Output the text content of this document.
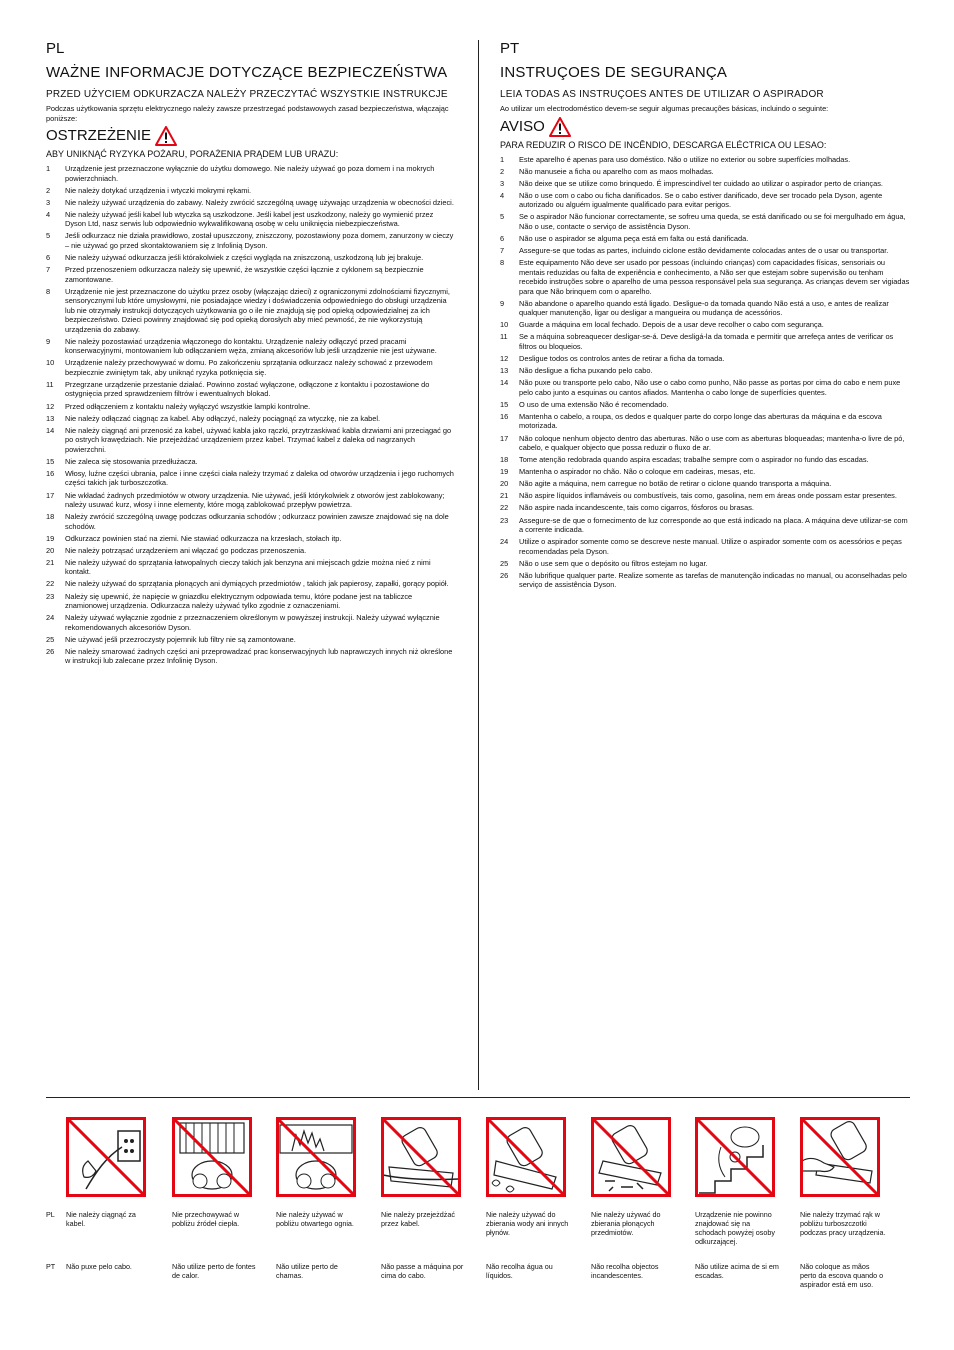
PL

WAŻNE INFORMACJE DOTYCZĄCE BEZPIECZEŃSTWA

PRZED UŻYCIEM ODKURZACZA NALEŻY PRZECZYTAĆ WSZYSTKIE INSTRUKCJE

Podczas użytkowania sprzętu elektrycznego należy zawsze przestrzegać podstawowych zasad bezpieczeństwa, włączając poniższe:

OSTRZEŻENIE

ABY UNIKNĄĆ RYZYKA POŻARU, PORAŻENIA PRĄDEM LUB URAZU:

1	Urządzenie jest przeznaczone wyłącznie do użytku domowego. Nie należy używać go poza domem i na mokrych powierzchniach.
2	Nie należy dotykać urządzenia i wtyczki mokrymi rękami.
3	Nie należy używać urządzenia do zabawy. Należy zwrócić szczególną uwagę używając urządzenia w obecności dzieci.
4	Nie należy używać jeśli kabel lub wtyczka są uszkodzone. Jeśli kabel jest uszkodzony, należy go wymienić przez Dyson Ltd, nasz serwis lub odpowiednio wykwalifikowaną osobę w celu uniknięcia niebezpieczeństwa.
5	Jeśli odkurzacz nie działa prawidłowo, został upuszczony, zniszczony, pozostawiony poza domem, zanurzony w cieczy – nie używać go przed skontaktowaniem się z Infolinią Dyson.
6	Nie należy używać odkurzacza jeśli którakolwiek z części wygląda na zniszczoną, uszkodzoną lub jej brakuje.
7	Przed przenoszeniem odkurzacza należy się upewnić, że wszystkie części łącznie z cyklonem są bezpiecznie zamontowane.
8	Urządzenie nie jest przeznaczone do użytku przez osoby (włączając dzieci) z ograniczonymi zdolnościami fizycznymi, sensorycznymi lub które umysłowymi, nie posiadające wiedzy i doświadczenia odpowiedniego do obsługi urządzenia lub nie otrzymały instrukcji dotyczących użytkowania go o ile nie znajdują się pod opieką odpowiedzialnej za ich bezpieczeństwo. Dzieci powinny znajdować się pod opieką dorosłych aby mieć pewność, że nie wykorzystują urządzenia do zabawy.
9	Nie należy pozostawiać urządzenia włączonego do kontaktu. Urządzenie należy odłączyć przed pracami konserwacyjnymi, montowaniem lub odłączaniem węża, zmianą akcesoriów lub jeśli urządzenie nie jest używane.
10	Urządzenie należy przechowywać w domu. Po zakończeniu sprzątania odkurzacz należy schować z przewodem bezpiecznie zwiniętym tak, aby uniknąć ryzyka potknięcia się.
11	Przegrzane urządzenie przestanie działać. Powinno zostać wyłączone, odłączone z kontaktu i pozostawione do ostygnięcia przed sprawdzeniem filtrów i ewentualnych blokad.
12	Przed odłączeniem z kontaktu należy wyłączyć wszystkie lampki kontrolne.
13	Nie należy odłączać ciągnąc za kabel. Aby odłączyć, należy pociągnąć za wtyczkę, nie za kabel.
14	Nie należy ciągnąć ani przenosić za kabel, używać kabla jako rączki, przytrzaskiwać kabla drzwiami ani przeciągać go po ostrych krawędziach. Nie przejeżdżać urządzeniem przez kabel. Trzymać kabel z daleka od nagrzanych powierzchni.
15	Nie zaleca się stosowania przedłużacza.
16	Włosy, luźne części ubrania, palce i inne części ciała należy trzymać z daleka od otworów urządzenia i jego ruchomych części takich jak turboszczotka.
17	Nie wkładać żadnych przedmiotów w otwory urządzenia. Nie używać, jeśli którykolwiek z otworów jest zablokowany; należy usuwać kurz, włosy i inne elementy, które mogą zablokować przepływ powietrza.
18	Należy zwrócić szczególną uwagę podczas odkurzania schodów ; odkurzacz powinien zawsze znajdować się na dole schodów.
19	Odkurzacz powinien stać na ziemi. Nie stawiać odkurzacza na krzesłach, stołach itp.
20	Nie należy potrząsać urządzeniem ani włączać go podczas przenoszenia.
21	Nie należy używać do sprzątania łatwopalnych cieczy takich jak benzyna ani miejscach gdzie można nieć z nimi kontakt.
22	Nie należy używać do sprzątania płonących ani dymiących przedmiotów , takich jak papierosy, zapałki, gorący popiół.
23	Należy się upewnić, że napięcie w gniazdku elektrycznym odpowiada temu, które podane jest na tabliczce znamionowej urządzenia. Odkurzacza należy używać tylko zgodnie z oznaczeniami.
24	Należy używać wyłącznie zgodnie z przeznaczeniem określonym w powyższej instrukcji. Należy używać wyłącznie rekomendowanych akcesoriów Dyson.
25	Nie używać jeśli przezroczysty pojemnik lub filtry nie są zamontowane.
26	Nie należy smarować żadnych części ani przeprowadzać prac konserwacyjnych lub naprawczych innych niż określone w instrukcji lub zalecane przez Infolinię Dyson.

PT

INSTRUÇOES DE SEGURANÇA

LEIA TODAS AS INSTRUÇOES ANTES DE UTILIZAR O ASPIRADOR

Ao utilizar um electrodoméstico devem-se seguir algumas precauções básicas, incluindo o seguinte:

AVISO

PARA REDUZIR O RISCO DE INCÊNDIO, DESCARGA ELÉCTRICA OU LESAO:

1	Este aparelho é apenas para uso doméstico. Não o utilize no exterior ou sobre superfícies molhadas.
2	Não manuseie a ficha ou aparelho com as maos molhadas.
3	Não deixe que se utilize como brinquedo. É imprescindível ter cuidado ao utilizar o aspirador perto de crianças.
4	Não o use com o cabo ou ficha danificados. Se o cabo estiver danificado, deve ser trocado pela Dyson, agente autorizado ou alguém igualmente qualificado para evitar perigos.
5	Se o aspirador Não funcionar correctamente, se sofreu uma queda, se está danificado ou se foi mergulhado em água, Não o use, contacte o serviço de assistência Dyson.
6	Não use o aspirador se alguma peça está em falta ou está danificada.
7	Assegure-se que todas as partes, incluindo ciclone estão devidamente colocadas antes de o usar ou transportar.
8	Este equipamento Não deve ser usado por pessoas (incluindo crianças) com capacidades físicas, sensoriais ou mentais reduzidas ou falta de experiência e conhecimento, a Não ser que estejam sobre supervisão ou tenham recebido instruções sobre o aparelho de uma pessoa responsável pela sua segurança. As crianças devem ser vigiadas para que Não brinquem com o aparelho.
9	Não abandone o aparelho quando está ligado. Desligue-o da tomada quando Não está a uso, e antes de realizar qualquer manutenção, ligar ou desligar a mangueira ou mudança de acessórios.
10	Guarde a máquina em local fechado. Depois de a usar deve recolher o cabo com segurança.
11	Se a máquina sobreaquecer desligar-se-á. Deve desligá-la da tomada e permitir que arrefeça antes de verificar os filtros ou bloqueios.
12	Desligue todos os controlos antes de retirar a ficha da tomada.
13	Não desligue a ficha puxando pelo cabo.
14	Não puxe ou transporte pelo cabo, Não use o cabo como punho, Não passe as portas por cima do cabo e nem puxe pelo cabo junto a esquinas ou cantos afiados. Mantenha o cabo longe de superfícies quentes.
15	O uso de uma extensão Não é recomendado.
16	Mantenha o cabelo, a roupa, os dedos e qualquer parte do corpo longe das aberturas da máquina e da escova motorizada.
17	Não coloque nenhum objecto dentro das aberturas. Não o use com as aberturas bloqueadas; mantenha-o livre de pó, cabelo, e qualquer objecto que possa reduzir o fluxo de ar.
18	Tome atenção redobrada quando aspira escadas; trabalhe sempre com o aspirador no fundo das escadas.
19	Mantenha o aspirador no chão. Não o coloque em cadeiras, mesas, etc.
20	Não agite a máquina, nem carregue no botão de retirar o ciclone quando transporta a máquina.
21	Não aspire líquidos inflamáveis ou combustíveis, tais como, gasolina, nem em áreas onde possam estar presentes.
22	Não aspire nada incandescente, tais como cigarros, fósforos ou brasas.
23	Assegure-se de que o fornecimento de luz corresponde ao que está indicado na placa. A máquina deve utilizar-se com a corrente indicada.
24	Utilize o aspirador somente como se descreve neste manual. Utilize o aspirador somente com os acessórios e peças recomendadas pela Dyson.
25	Não o use sem que o depósito ou filtros estejam no lugar.
26	Não lubrifique qualquer parte. Realize somente as tarefas de manutenção indicadas no manual, ou aconselhadas pelo serviço de assistência Dyson.
PL Nie należy ciągnąć za kabel.
Nie przechowywać w pobliżu źródeł ciepła.
Nie należy używać w pobliżu otwartego ognia.
Nie należy przejeżdżać przez kabel.
Nie należy używać do zbierania wody ani innych płynów.
Nie należy używać do zbierania płonących przedmiotów.
Urządzenie nie powinno znajdować się na schodach powyżej osoby odkurzającej.
Nie należy trzymać rąk w pobliżu turboszczotki podczas pracy urządzenia.
PT Não puxe pelo cabo.	Não utilize perto de fontes de calor.
Não utilize perto de chamas.
Não passe a máquina por cima do cabo.
Não recolha água ou líquidos.
Não recolha objectos incandescentes.
Não utilize acima de si em escadas.
Não coloque as mãos perto da escova quando o aspirador está em uso.
